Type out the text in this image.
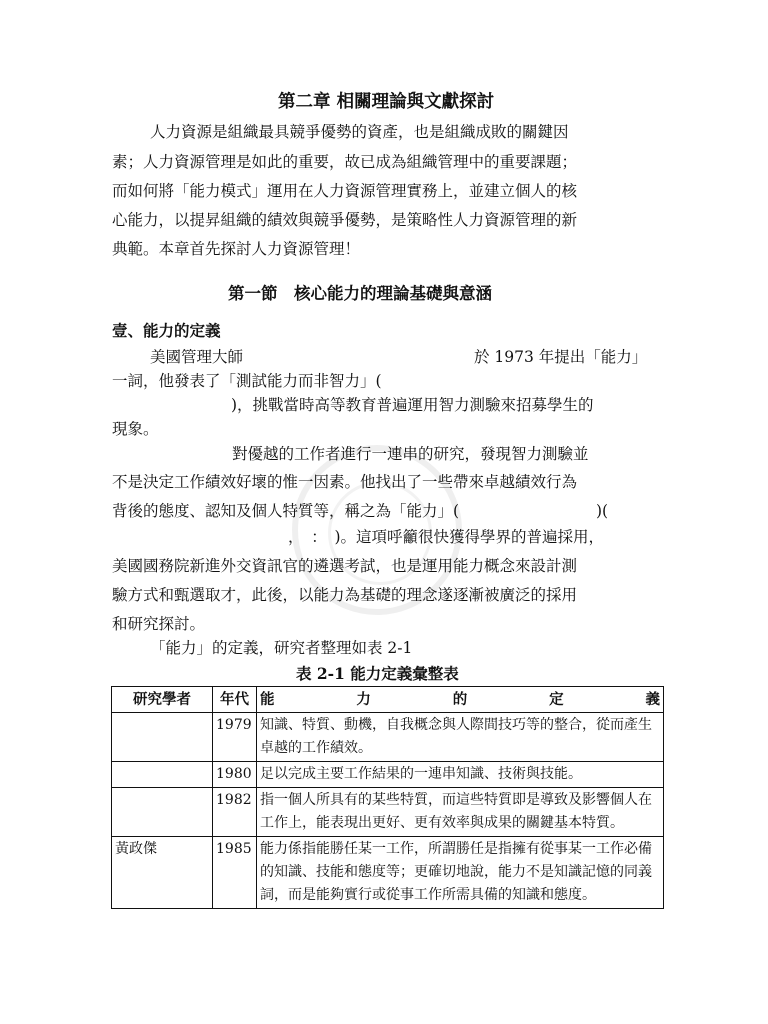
第二章 相關理論與文獻探討
人力資源是組織最具競爭優勢的資產，也是組織成敗的關鍵因
素；人力資源管理是如此的重要，故已成為組織管理中的重要課題；
而如何將「能力模式」運用在人力資源管理實務上，並建立個人的核
心能力，以提昇組織的績效與競爭優勢，是策略性人力資源管理的新
典範。本章首先探討人力資源管理！
第一節　核心能力的理論基礎與意涵
壹、能力的定義
美國管理大師	於 1973 年提出「能力」
一詞，他發表了「測試能力而非智力」(
)，挑戰當時高等教育普遍運用智力測驗來招募學生的
現象。
對優越的工作者進行一連串的研究，發現智力測驗並
不是決定工作績效好壞的惟一因素。他找出了一些帶來卓越績效行為
背後的態度、認知及個人特質等，稱之為「能力」(	)(
，　：　)。這項呼籲很快獲得學界的普遍採用，
美國國務院新進外交資訊官的遴選考試，也是運用能力概念來設計測
驗方式和甄選取才，此後，以能力為基礎的理念遂逐漸被廣泛的採用
和研究探討。
「能力」的定義，研究者整理如表 2-1
表 2-1 能力定義彙整表
研究學者	年代	能 力 的 定 義

	1979	知識、特質、動機，自我概念與人際間技巧等的整合，從而產生卓越的工作績效。
	1980	足以完成主要工作結果的一連串知識、技術與技能。
	1982	指一個人所具有的某些特質，而這些特質即是導致及影響個人在工作上，能表現出更好、更有效率與成果的關鍵基本特質。
黃政傑	1985	能力係指能勝任某一工作，所謂勝任是指擁有從事某一工作必備的知識、技能和態度等；更確切地說，能力不是知識記憶的同義詞，而是能夠實行或從事工作所需具備的知識和態度。
